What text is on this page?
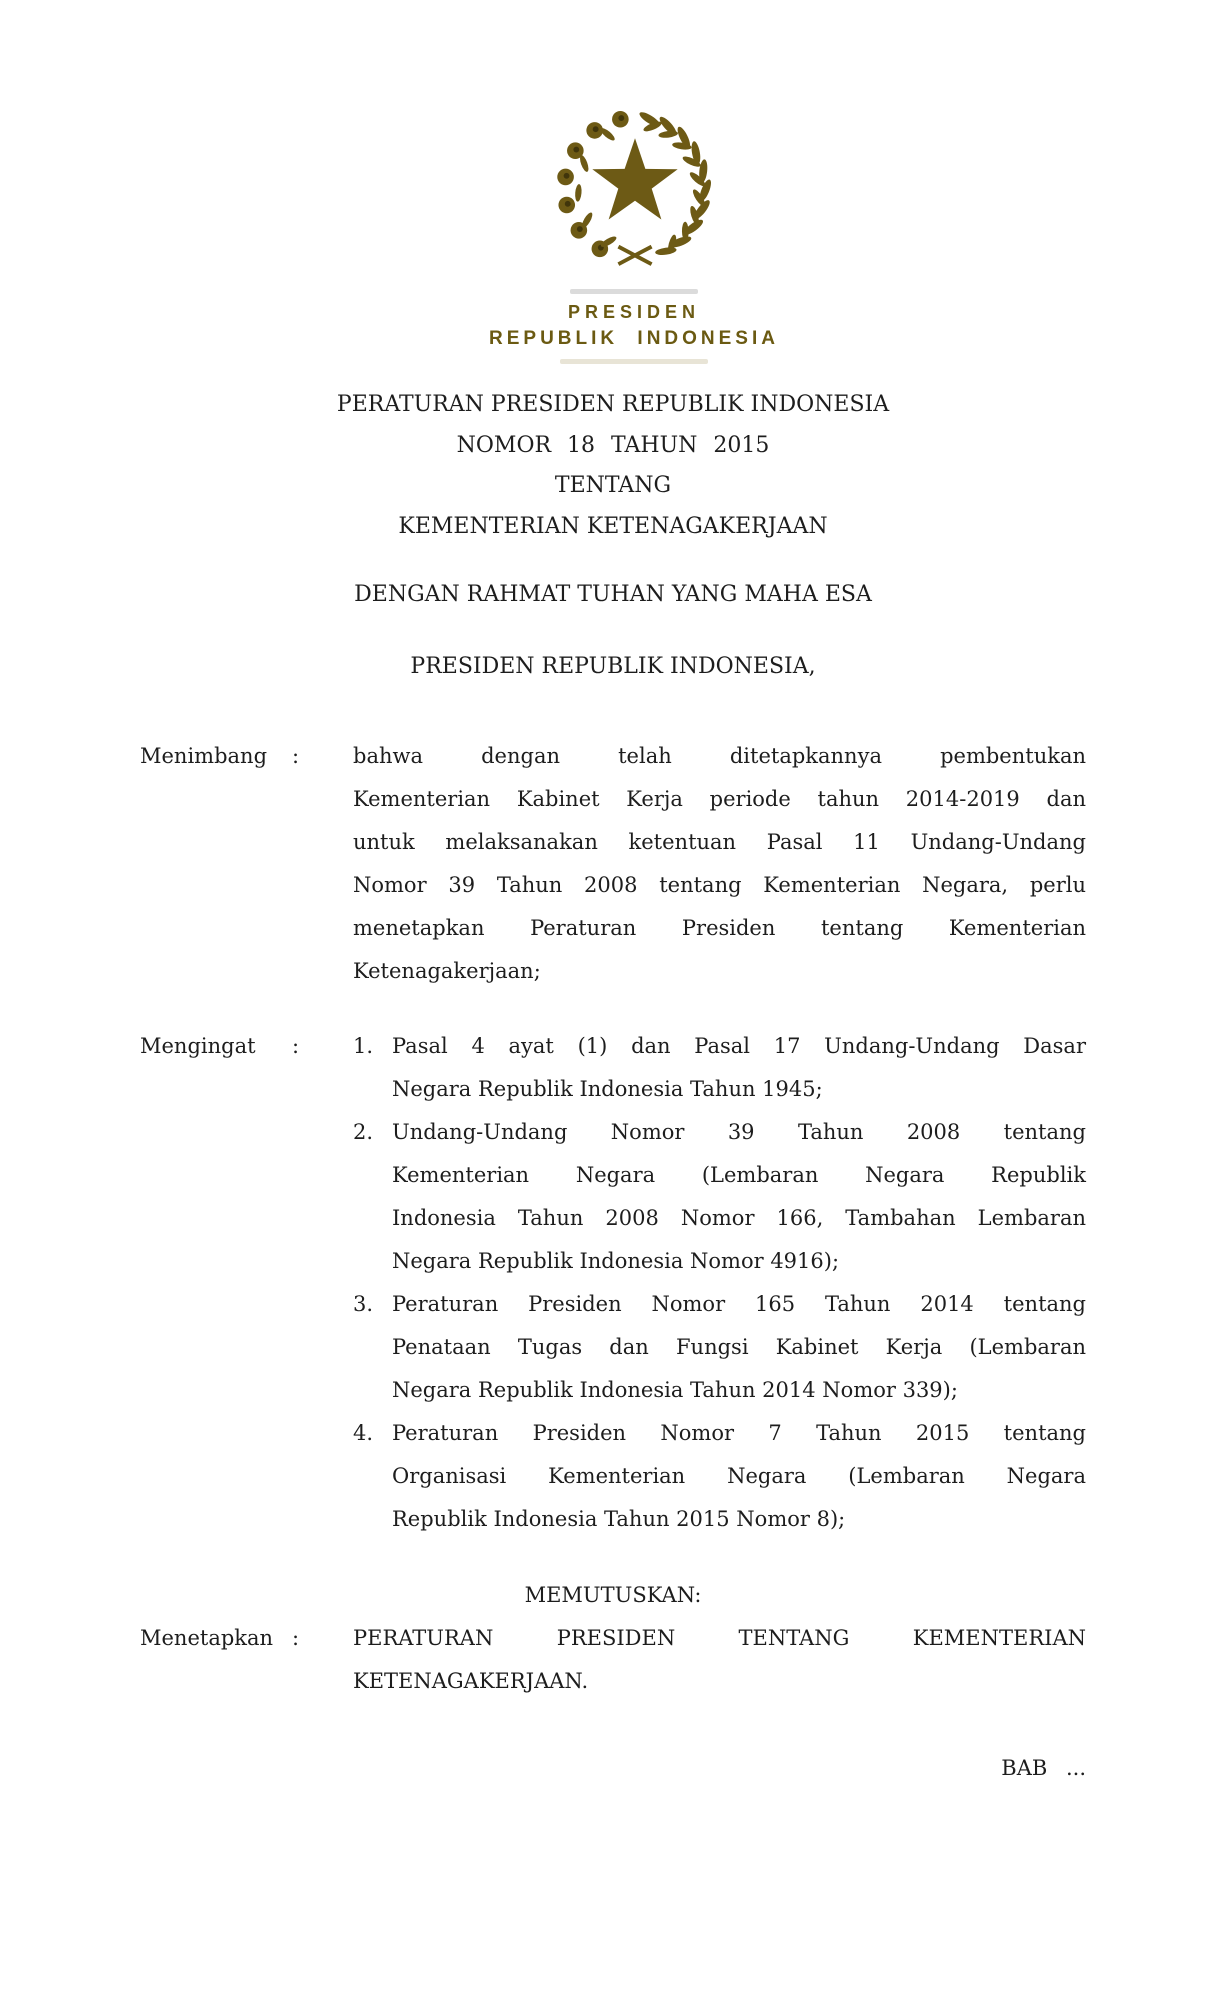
PRESIDEN
REPUBLIK INDONESIA
PERATURAN PRESIDEN REPUBLIK INDONESIA
NOMOR 18 TAHUN 2015
TENTANG
KEMENTERIAN KETENAGAKERJAAN
DENGAN RAHMAT TUHAN YANG MAHA ESA
PRESIDEN REPUBLIK INDONESIA,
Menimbang :	bahwa dengan telah ditetapkannya pembentukan
Kementerian Kabinet Kerja periode tahun 2014-2019 dan
untuk melaksanakan ketentuan Pasal 11 Undang-Undang
Nomor 39 Tahun 2008 tentang Kementerian Negara, perlu
menetapkan Peraturan Presiden tentang Kementerian
Ketenagakerjaan;
Mengingat :	1. Pasal 4 ayat (1) dan Pasal 17 Undang-Undang Dasar
Negara Republik Indonesia Tahun 1945;
2. Undang-Undang Nomor 39 Tahun 2008 tentang
Kementerian Negara (Lembaran Negara Republik
Indonesia Tahun 2008 Nomor 166, Tambahan Lembaran
Negara Republik Indonesia Nomor 4916);
3. Peraturan Presiden Nomor 165 Tahun 2014 tentang
Penataan Tugas dan Fungsi Kabinet Kerja (Lembaran
Negara Republik Indonesia Tahun 2014 Nomor 339);
4. Peraturan Presiden Nomor 7 Tahun 2015 tentang
Organisasi Kementerian Negara (Lembaran Negara
Republik Indonesia Tahun 2015 Nomor 8);
MEMUTUSKAN:
Menetapkan :	PERATURAN PRESIDEN TENTANG KEMENTERIAN
KETENAGAKERJAAN.
BAB ...
